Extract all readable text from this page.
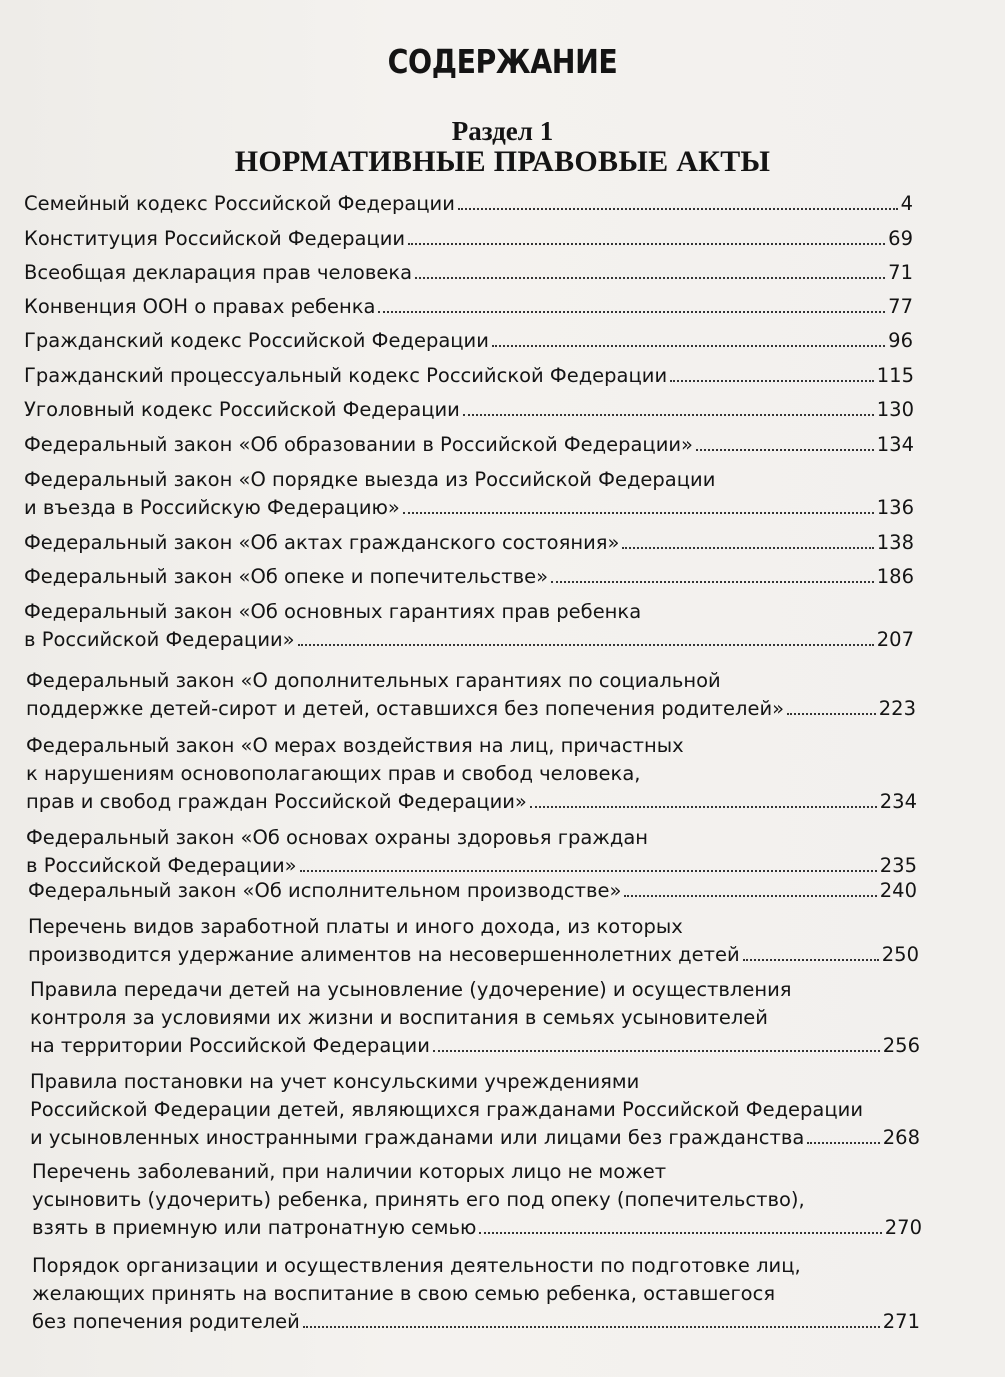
СОДЕРЖАНИЕ
Раздел 1
НОРМАТИВНЫЕ ПРАВОВЫЕ АКТЫ
Семейный кодекс Российской Федерации	4
Конституция Российской Федерации	69
Всеобщая декларация прав человека	71
Конвенция ООН о правах ребенка	77
Гражданский кодекс Российской Федерации	96
Гражданский процессуальный кодекс Российской Федерации	115
Уголовный кодекс Российской Федерации	130
Федеральный закон «Об образовании в Российской Федерации»	134
Федеральный закон «О порядке выезда из Российской Федерации
и въезда в Российскую Федерацию»	136
Федеральный закон «Об актах гражданского состояния»	138
Федеральный закон «Об опеке и попечительстве»	186
Федеральный закон «Об основных гарантиях прав ребенка
в Российской Федерации»	207
Федеральный закон «О дополнительных гарантиях по социальной
поддержке детей-сирот и детей, оставшихся без попечения родителей»	223
Федеральный закон «О мерах воздействия на лиц, причастных
к нарушениям основополагающих прав и свобод человека,
прав и свобод граждан Российской Федерации»	234
Федеральный закон «Об основах охраны здоровья граждан
в Российской Федерации»	235
Федеральный закон «Об исполнительном производстве»	240
Перечень видов заработной платы и иного дохода, из которых
производится удержание алиментов на несовершеннолетних детей	250
Правила передачи детей на усыновление (удочерение) и осуществления
контроля за условиями их жизни и воспитания в семьях усыновителей
на территории Российской Федерации	256
Правила постановки на учет консульскими учреждениями
Российской Федерации детей, являющихся гражданами Российской Федерации
и усыновленных иностранными гражданами или лицами без гражданства	268
Перечень заболеваний, при наличии которых лицо не может
усыновить (удочерить) ребенка, принять его под опеку (попечительство),
взять в приемную или патронатную семью	270
Порядок организации и осуществления деятельности по подготовке лиц,
желающих принять на воспитание в свою семью ребенка, оставшегося
без попечения родителей	271
